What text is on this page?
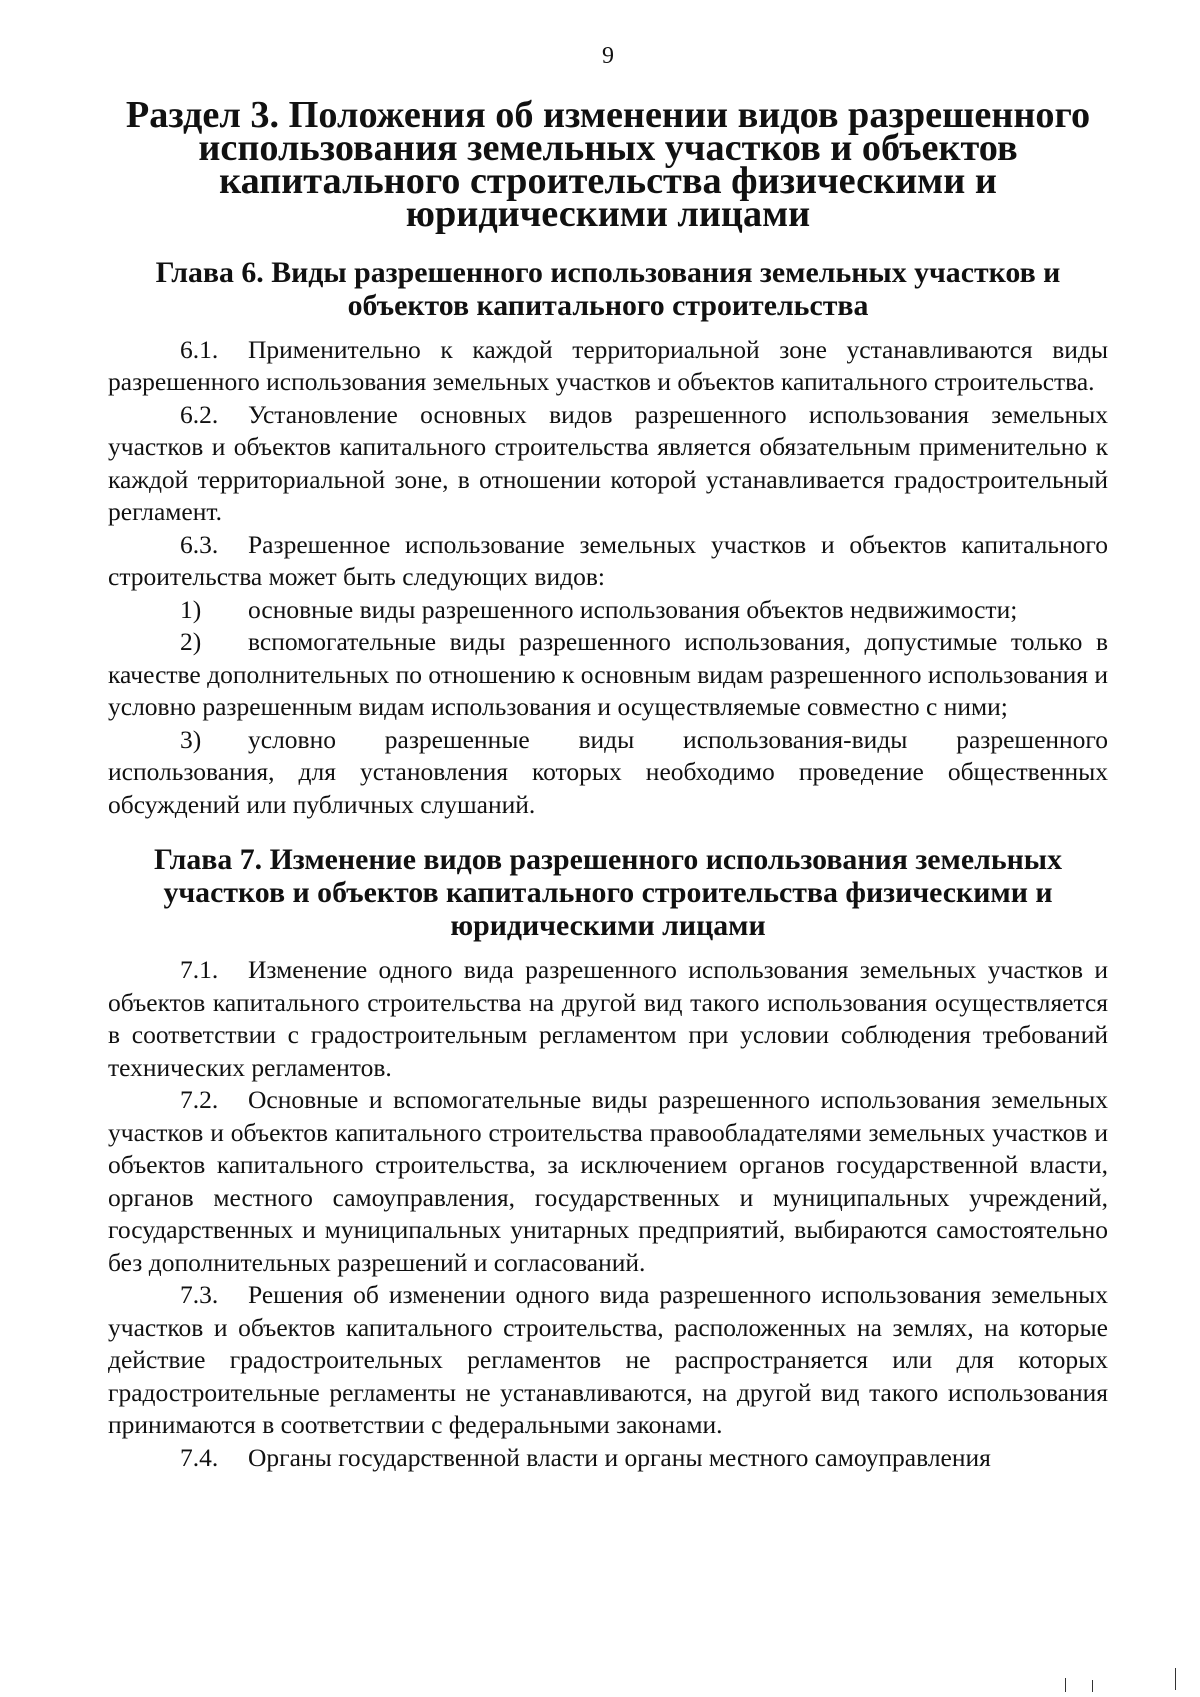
9
Раздел 3. Положения об изменении видов разрешенного использования земельных участков и объектов капитального строительства физическими и юридическими лицами
Глава 6. Виды разрешенного использования земельных участков и объектов капитального строительства

6.1. Применительно к каждой территориальной зоне устанавливаются виды разрешенного использования земельных участков и объектов капитального строительства.

6.2. Установление основных видов разрешенного использования земельных участков и объектов капитального строительства является обязательным применительно к каждой территориальной зоне, в отношении которой устанавливается градостроительный регламент.

6.3. Разрешенное использование земельных участков и объектов капитального строительства может быть следующих видов:

1) основные виды разрешенного использования объектов недвижимости;

2) вспомогательные виды разрешенного использования, допустимые только в качестве дополнительных по отношению к основным видам разрешенного использования и условно разрешенным видам использования и осуществляемые совместно с ними;

3) условно разрешенные виды использования-виды разрешенного использования, для установления которых необходимо проведение общественных обсуждений или публичных слушаний.

Глава 7. Изменение видов разрешенного использования земельных участков и объектов капитального строительства физическими и юридическими лицами

7.1. Изменение одного вида разрешенного использования земельных участков и объектов капитального строительства на другой вид такого использования осуществляется в соответствии с градостроительным регламентом при условии соблюдения требований технических регламентов.

7.2. Основные и вспомогательные виды разрешенного использования земельных участков и объектов капитального строительства правообладателями земельных участков и объектов капитального строительства, за исключением органов государственной власти, органов местного самоуправления, государственных и муниципальных учреждений, государственных и муниципальных унитарных предприятий, выбираются самостоятельно без дополнительных разрешений и согласований.

7.3. Решения об изменении одного вида разрешенного использования земельных участков и объектов капитального строительства, расположенных на землях, на которые действие градостроительных регламентов не распространяется или для которых градостроительные регламенты не устанавливаются, на другой вид такого использования принимаются в соответствии с федеральными законами.

7.4. Органы государственной власти и органы местного самоуправления
